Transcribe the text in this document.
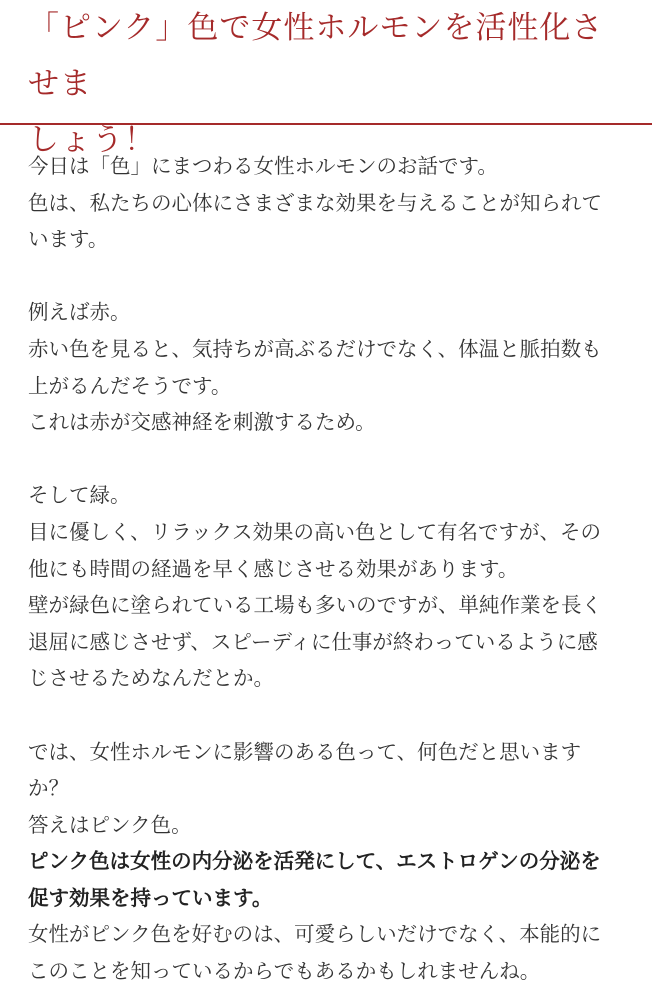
「ピンク」色で女性ホルモンを活性化させま
しょう！
今日は「色」にまつわる女性ホルモンのお話です。
色は、私たちの心体にさまざまな効果を与えることが知られて
います。
例えば赤。
赤い色を見ると、気持ちが高ぶるだけでなく、体温と脈拍数も
上がるんだそうです。
これは赤が交感神経を刺激するため。
そして緑。
目に優しく、リラックス効果の高い色として有名ですが、その
他にも時間の経過を早く感じさせる効果があります。
壁が緑色に塗られている工場も多いのですが、単純作業を長く
退屈に感じさせず、スピーディに仕事が終わっているように感
じさせるためなんだとか。
では、女性ホルモンに影響のある色って、何色だと思います
か？
答えはピンク色。
ピンク色は女性の内分泌を活発にして、エストロゲンの分泌を
促す効果を持っています。
女性がピンク色を好むのは、可愛らしいだけでなく、本能的に
このことを知っているからでもあるかもしれませんね。
